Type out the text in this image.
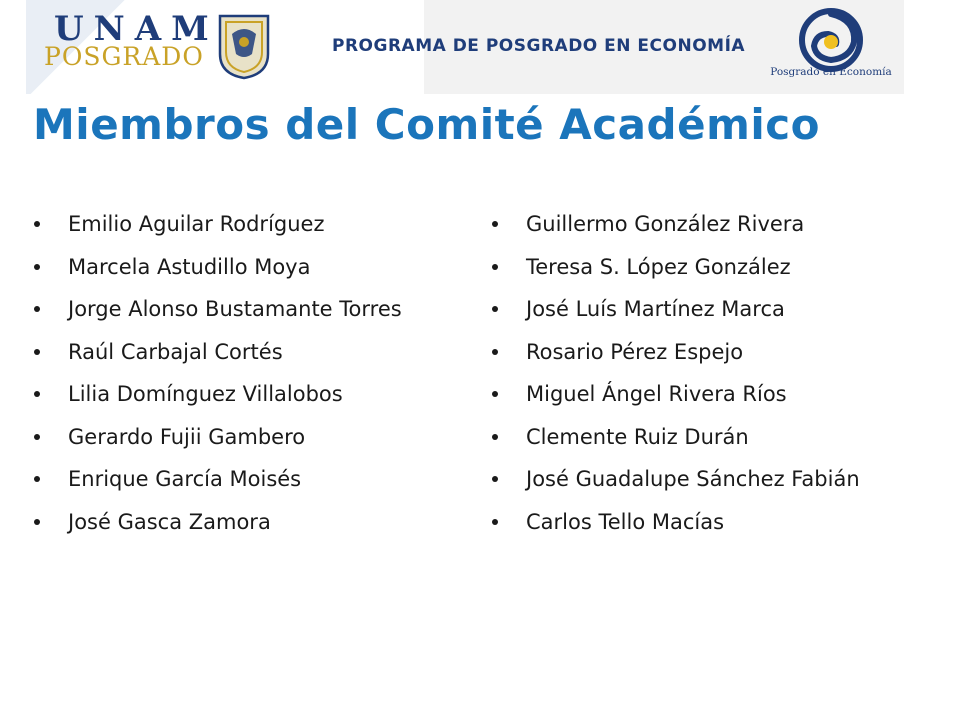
UNAM
POSGRADO	PROGRAMA DE POSGRADO EN ECONOMÍA
Posgrado en Economía
Miembros del Comité Académico
Emilio Aguilar Rodríguez
Marcela Astudillo Moya
Jorge Alonso Bustamante Torres
Raúl Carbajal Cortés
Lilia Domínguez Villalobos
Gerardo Fujii Gambero
Enrique García Moisés
José Gasca Zamora
Guillermo González Rivera
Teresa S. López González
José Luís Martínez Marca
Rosario Pérez Espejo
Miguel Ángel Rivera Ríos
Clemente Ruiz Durán
José Guadalupe Sánchez Fabián
Carlos Tello Macías
